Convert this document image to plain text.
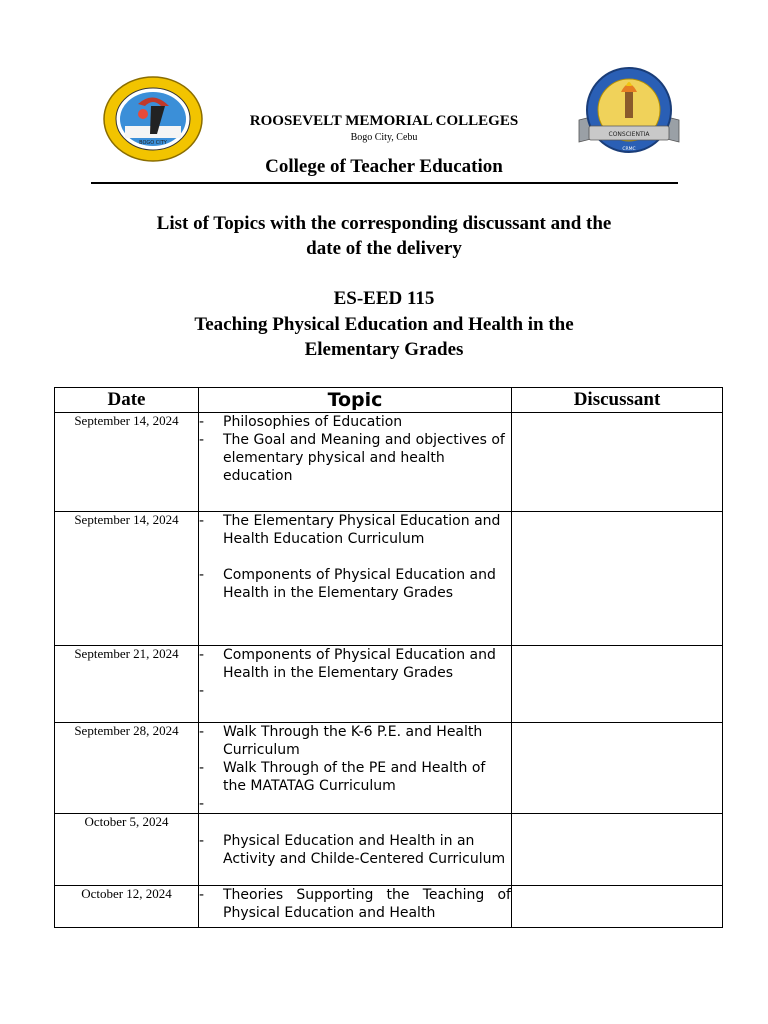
BOGO CITY
CONSCIENTIA
CRMC
ROOSEVELT MEMORIAL COLLEGES
Bogo City, Cebu
College of Teacher Education
List of Topics with the corresponding discussant and the
date of the delivery
ES-EED 115
Teaching Physical Education and Health in the
Elementary Grades
Date	Topic	Discussant
September 14, 2024	- Philosophies of Education
- The Goal and Meaning and objectives of elementary physical and health education	

September 14, 2024	- The Elementary Physical Education and Health Education Curriculum
- Components of Physical Education and Health in the Elementary Grades	

September 21, 2024	- Components of Physical Education and Health in the Elementary Grades
-	

September 28, 2024	- Walk Through the K-6 P.E. and Health Curriculum
- Walk Through of the PE and Health of the MATATAG Curriculum
-	

October 5, 2024	- Physical Education and Health in an Activity and Childe-Centered Curriculum	

October 12, 2024	- Theories Supporting the Teaching of Physical Education and Health	
